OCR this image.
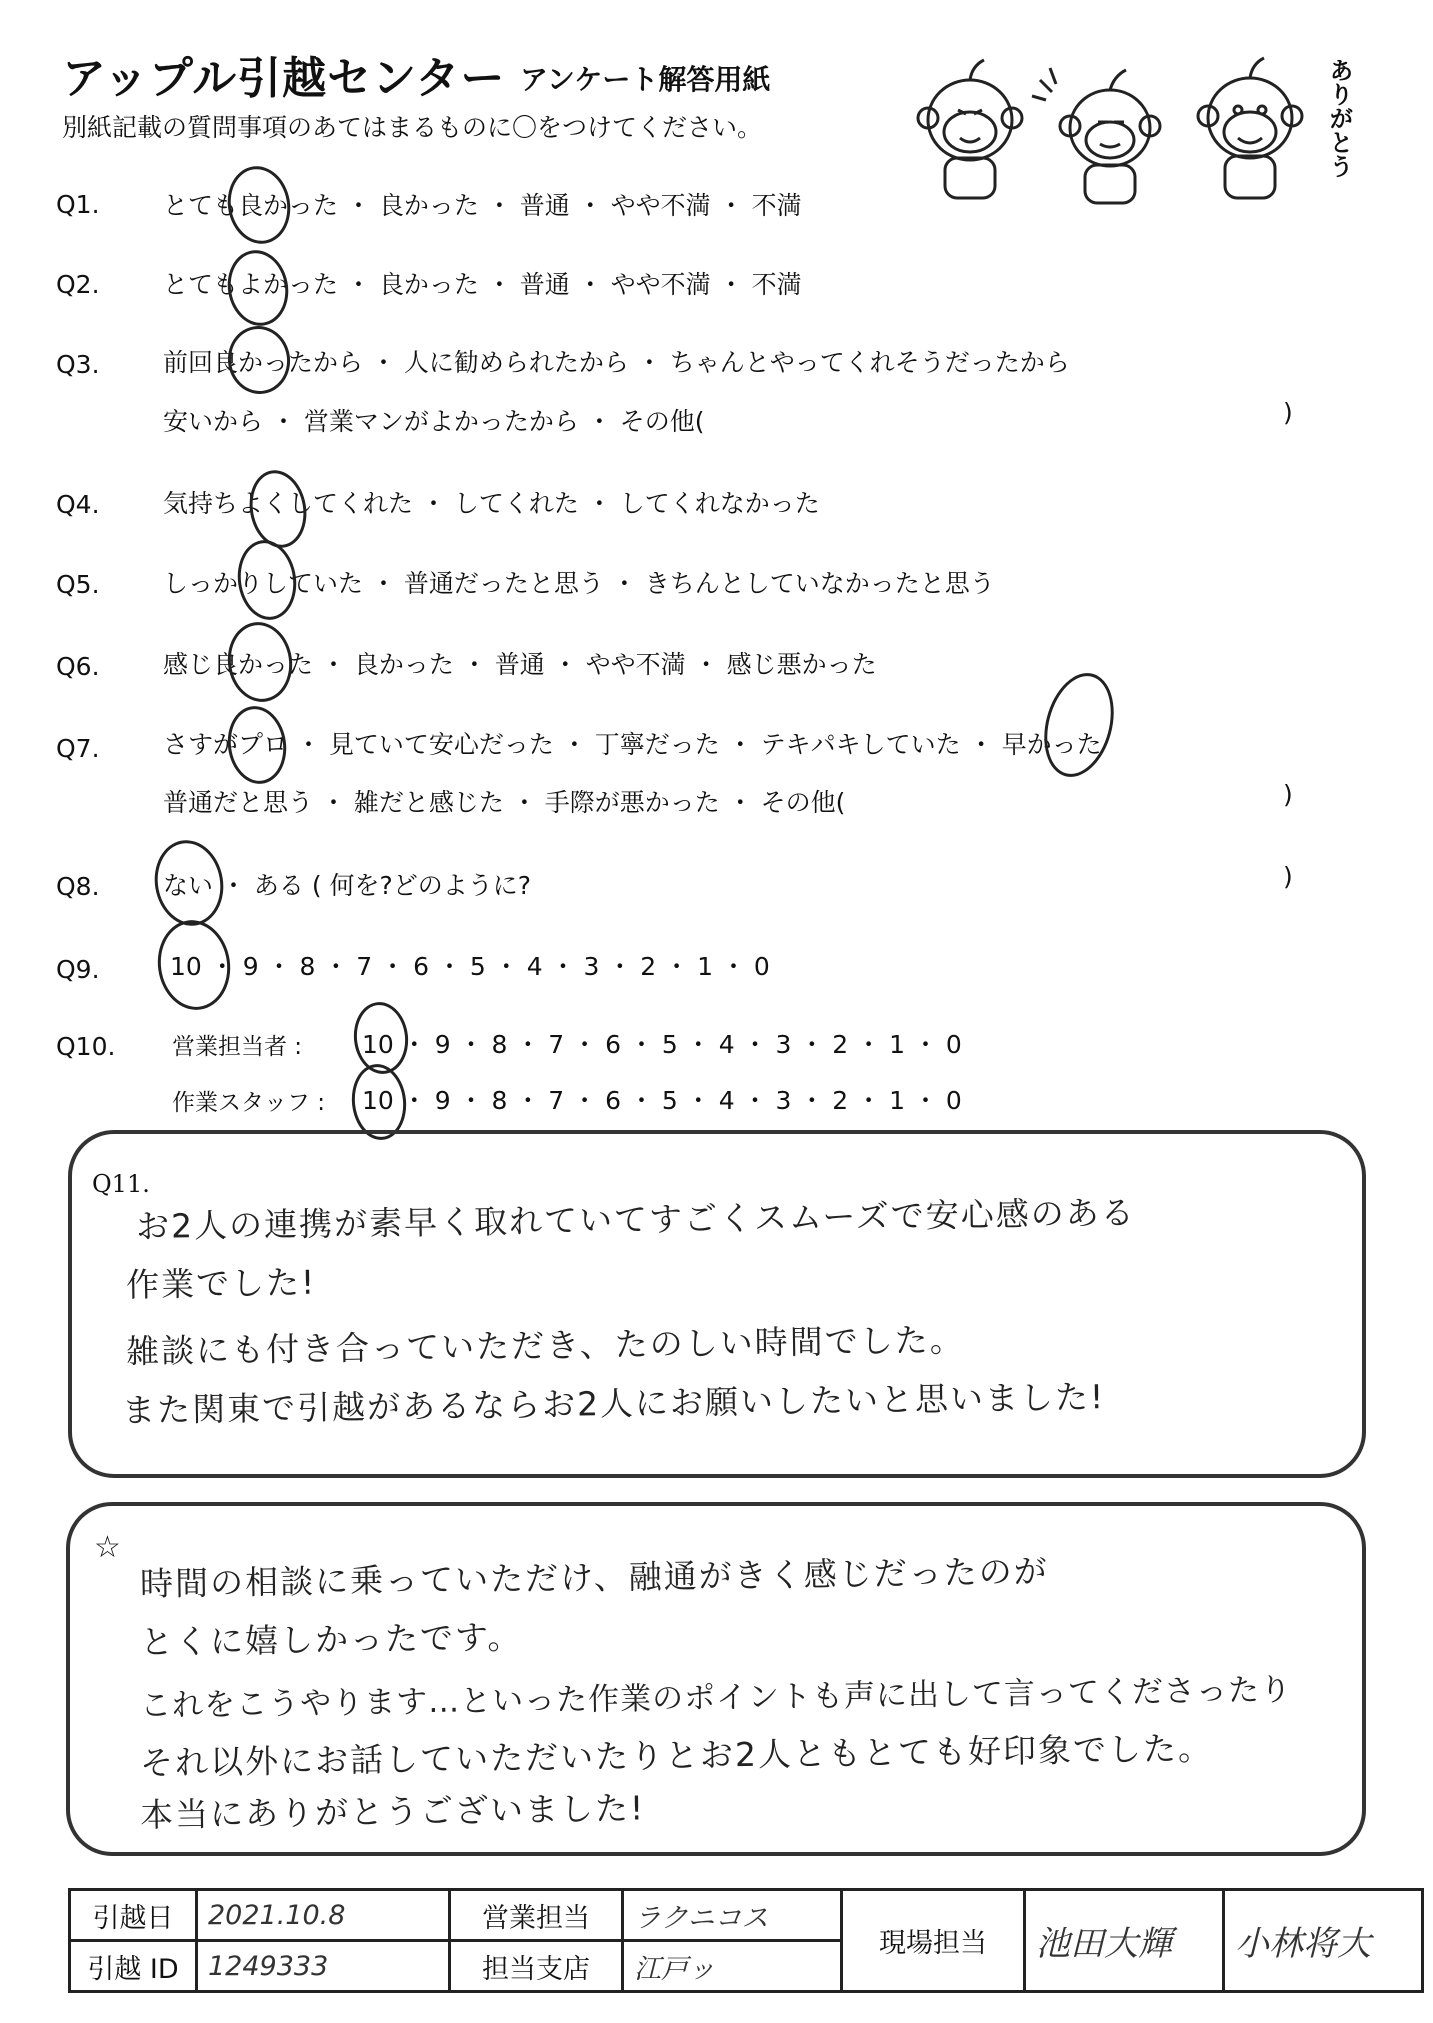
アップル引越センター アンケート解答用紙
別紙記載の質問事項のあてはまるものに〇をつけてください。	ありがとう
Q1.	とても良かった ・ 良かった ・ 普通 ・ やや不満 ・ 不満
Q2.	とてもよかった ・ 良かった ・ 普通 ・ やや不満 ・ 不満
Q3.	前回良かったから ・ 人に勧められたから ・ ちゃんとやってくれそうだったから
安いから ・ 営業マンがよかったから ・ その他(	)
Q4.	気持ちよくしてくれた ・ してくれた ・ してくれなかった
Q5.	しっかりしていた ・ 普通だったと思う ・ きちんとしていなかったと思う
Q6.	感じ良かった ・ 良かった ・ 普通 ・ やや不満 ・ 感じ悪かった
Q7.	さすがプロ ・ 見ていて安心だった ・ 丁寧だった ・ テキパキしていた ・ 早かった
普通だと思う ・ 雑だと感じた ・ 手際が悪かった ・ その他(	)
Q8.	ない ・ ある ( 何を?どのように?	)
Q9.	10 ・ 9 ・ 8 ・ 7 ・ 6 ・ 5 ・ 4 ・ 3 ・ 2 ・ 1 ・ 0
Q10. 営業担当者 : 10 ・ 9 ・ 8 ・ 7 ・ 6 ・ 5 ・ 4 ・ 3 ・ 2 ・ 1 ・ 0
作業スタッフ : 10 ・ 9 ・ 8 ・ 7 ・ 6 ・ 5 ・ 4 ・ 3 ・ 2 ・ 1 ・ 0
Q11.
お2人の連携が素早く取れていてすごくスムーズで安心感のある
作業でした!
雑談にも付き合っていただき、たのしい時間でした。
また関東で引越があるならお2人にお願いしたいと思いました!
☆
時間の相談に乗っていただけ、融通がきく感じだったのが
とくに嬉しかったです。
これをこうやります…といった作業のポイントも声に出して言ってくださったり
それ以外にお話していただいたりとお2人ともとても好印象でした。
本当にありがとうございました!
引越日	2021.10.8	営業担当	ラクニコス	現場担当	池田大輝	小林将大
引越 ID	1249333	担当支店	江戸ッ			
